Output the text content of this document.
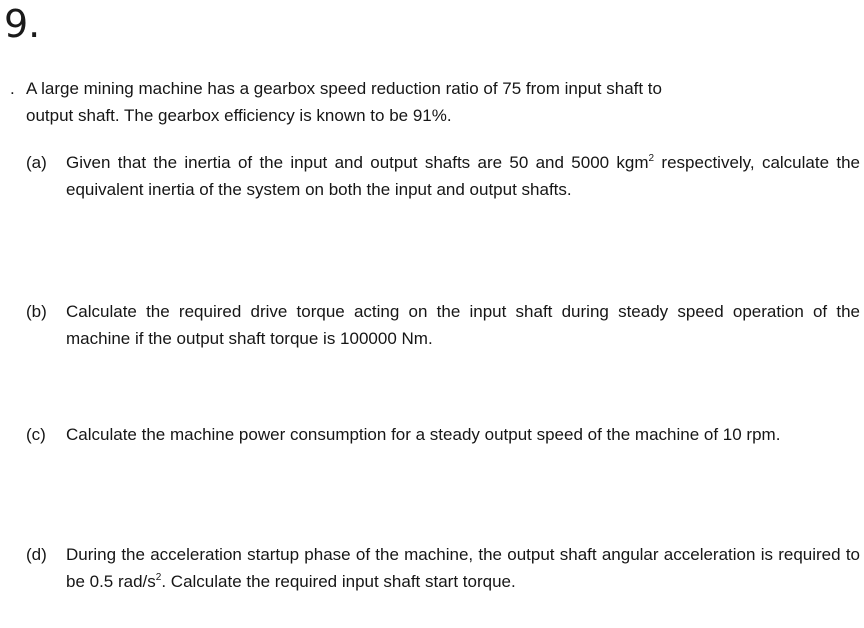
9.
. A large mining machine has a gearbox speed reduction ratio of 75 from input shaft to
output shaft. The gearbox efficiency is known to be 91%.
(a)	Given that the inertia of the input and output shafts are 50 and 5000 kgm$^2$ respectively, calculate the equivalent inertia of the system on both the input and output shafts.
(b)	Calculate the required drive torque acting on the input shaft during steady speed operation of the machine if the output shaft torque is 100000 Nm.
(c)	Calculate the machine power consumption for a steady output speed of the machine of 10 rpm.
(d)	During the acceleration startup phase of the machine, the output shaft angular acceleration is required to be 0.5 rad/$s^2$. Calculate the required input shaft start torque.
